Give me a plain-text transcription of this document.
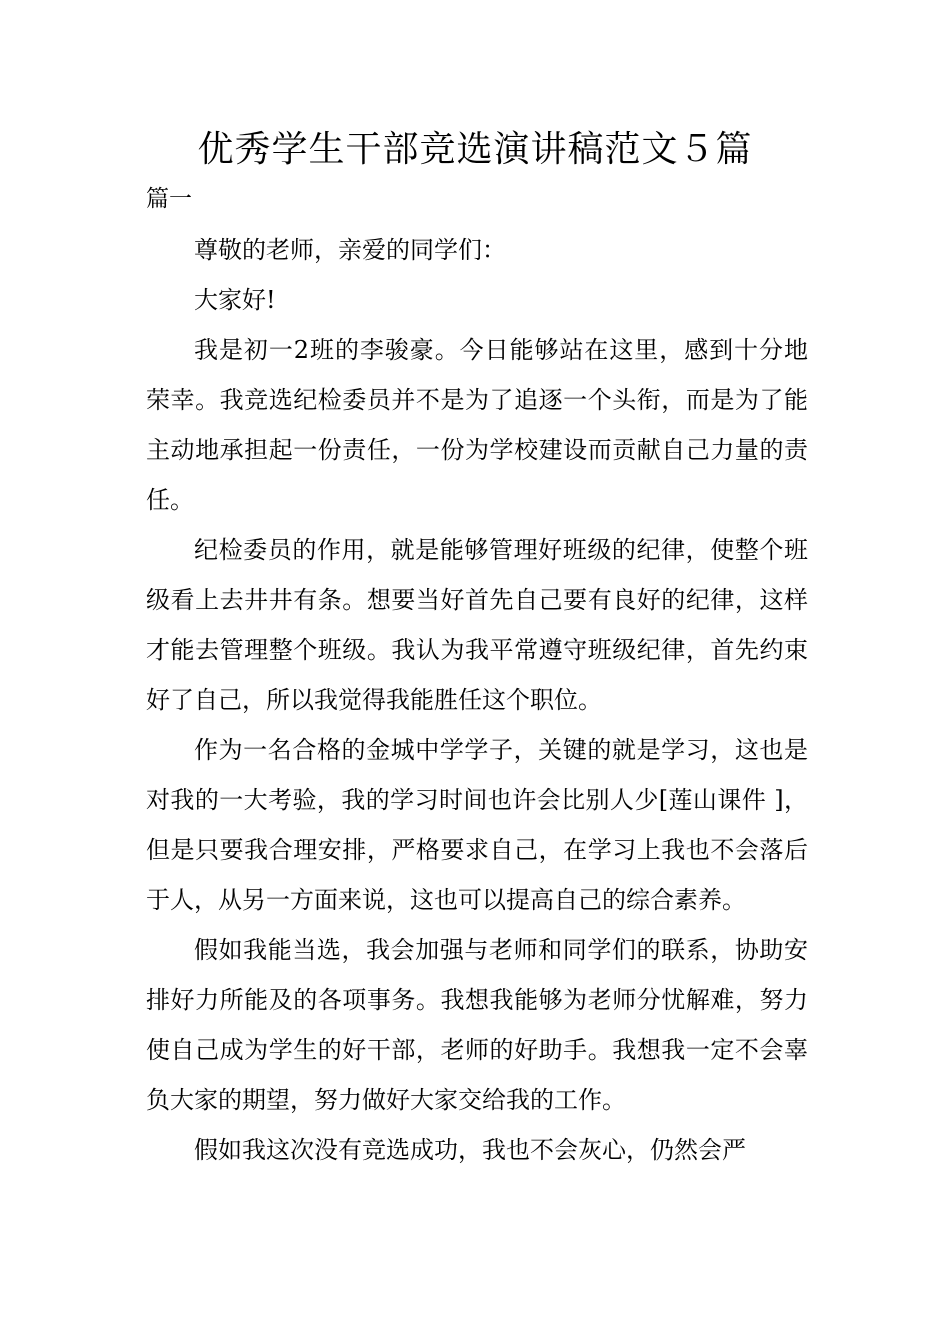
优秀学生干部竞选演讲稿范文５篇
篇一

尊敬的老师，亲爱的同学们：

大家好!

我是初一2班的李骏豪。今日能够站在这里，感到十分地荣幸。我竞选纪检委员并不是为了追逐一个头衔，而是为了能主动地承担起一份责任，一份为学校建设而贡献自己力量的责任。

纪检委员的作用，就是能够管理好班级的纪律，使整个班级看上去井井有条。想要当好首先自己要有良好的纪律，这样才能去管理整个班级。我认为我平常遵守班级纪律，首先约束好了自己，所以我觉得我能胜任这个职位。

作为一名合格的金城中学学子，关键的就是学习，这也是对我的一大考验，我的学习时间也许会比别人少[莲山课件 ]，但是只要我合理安排，严格要求自己，在学习上我也不会落后于人，从另一方面来说，这也可以提高自己的综合素养。

假如我能当选，我会加强与老师和同学们的联系，协助安排好力所能及的各项事务。我想我能够为老师分忧解难，努力使自己成为学生的好干部，老师的好助手。我想我一定不会辜负大家的期望，努力做好大家交给我的工作。

假如我这次没有竞选成功，我也不会灰心，仍然会严
